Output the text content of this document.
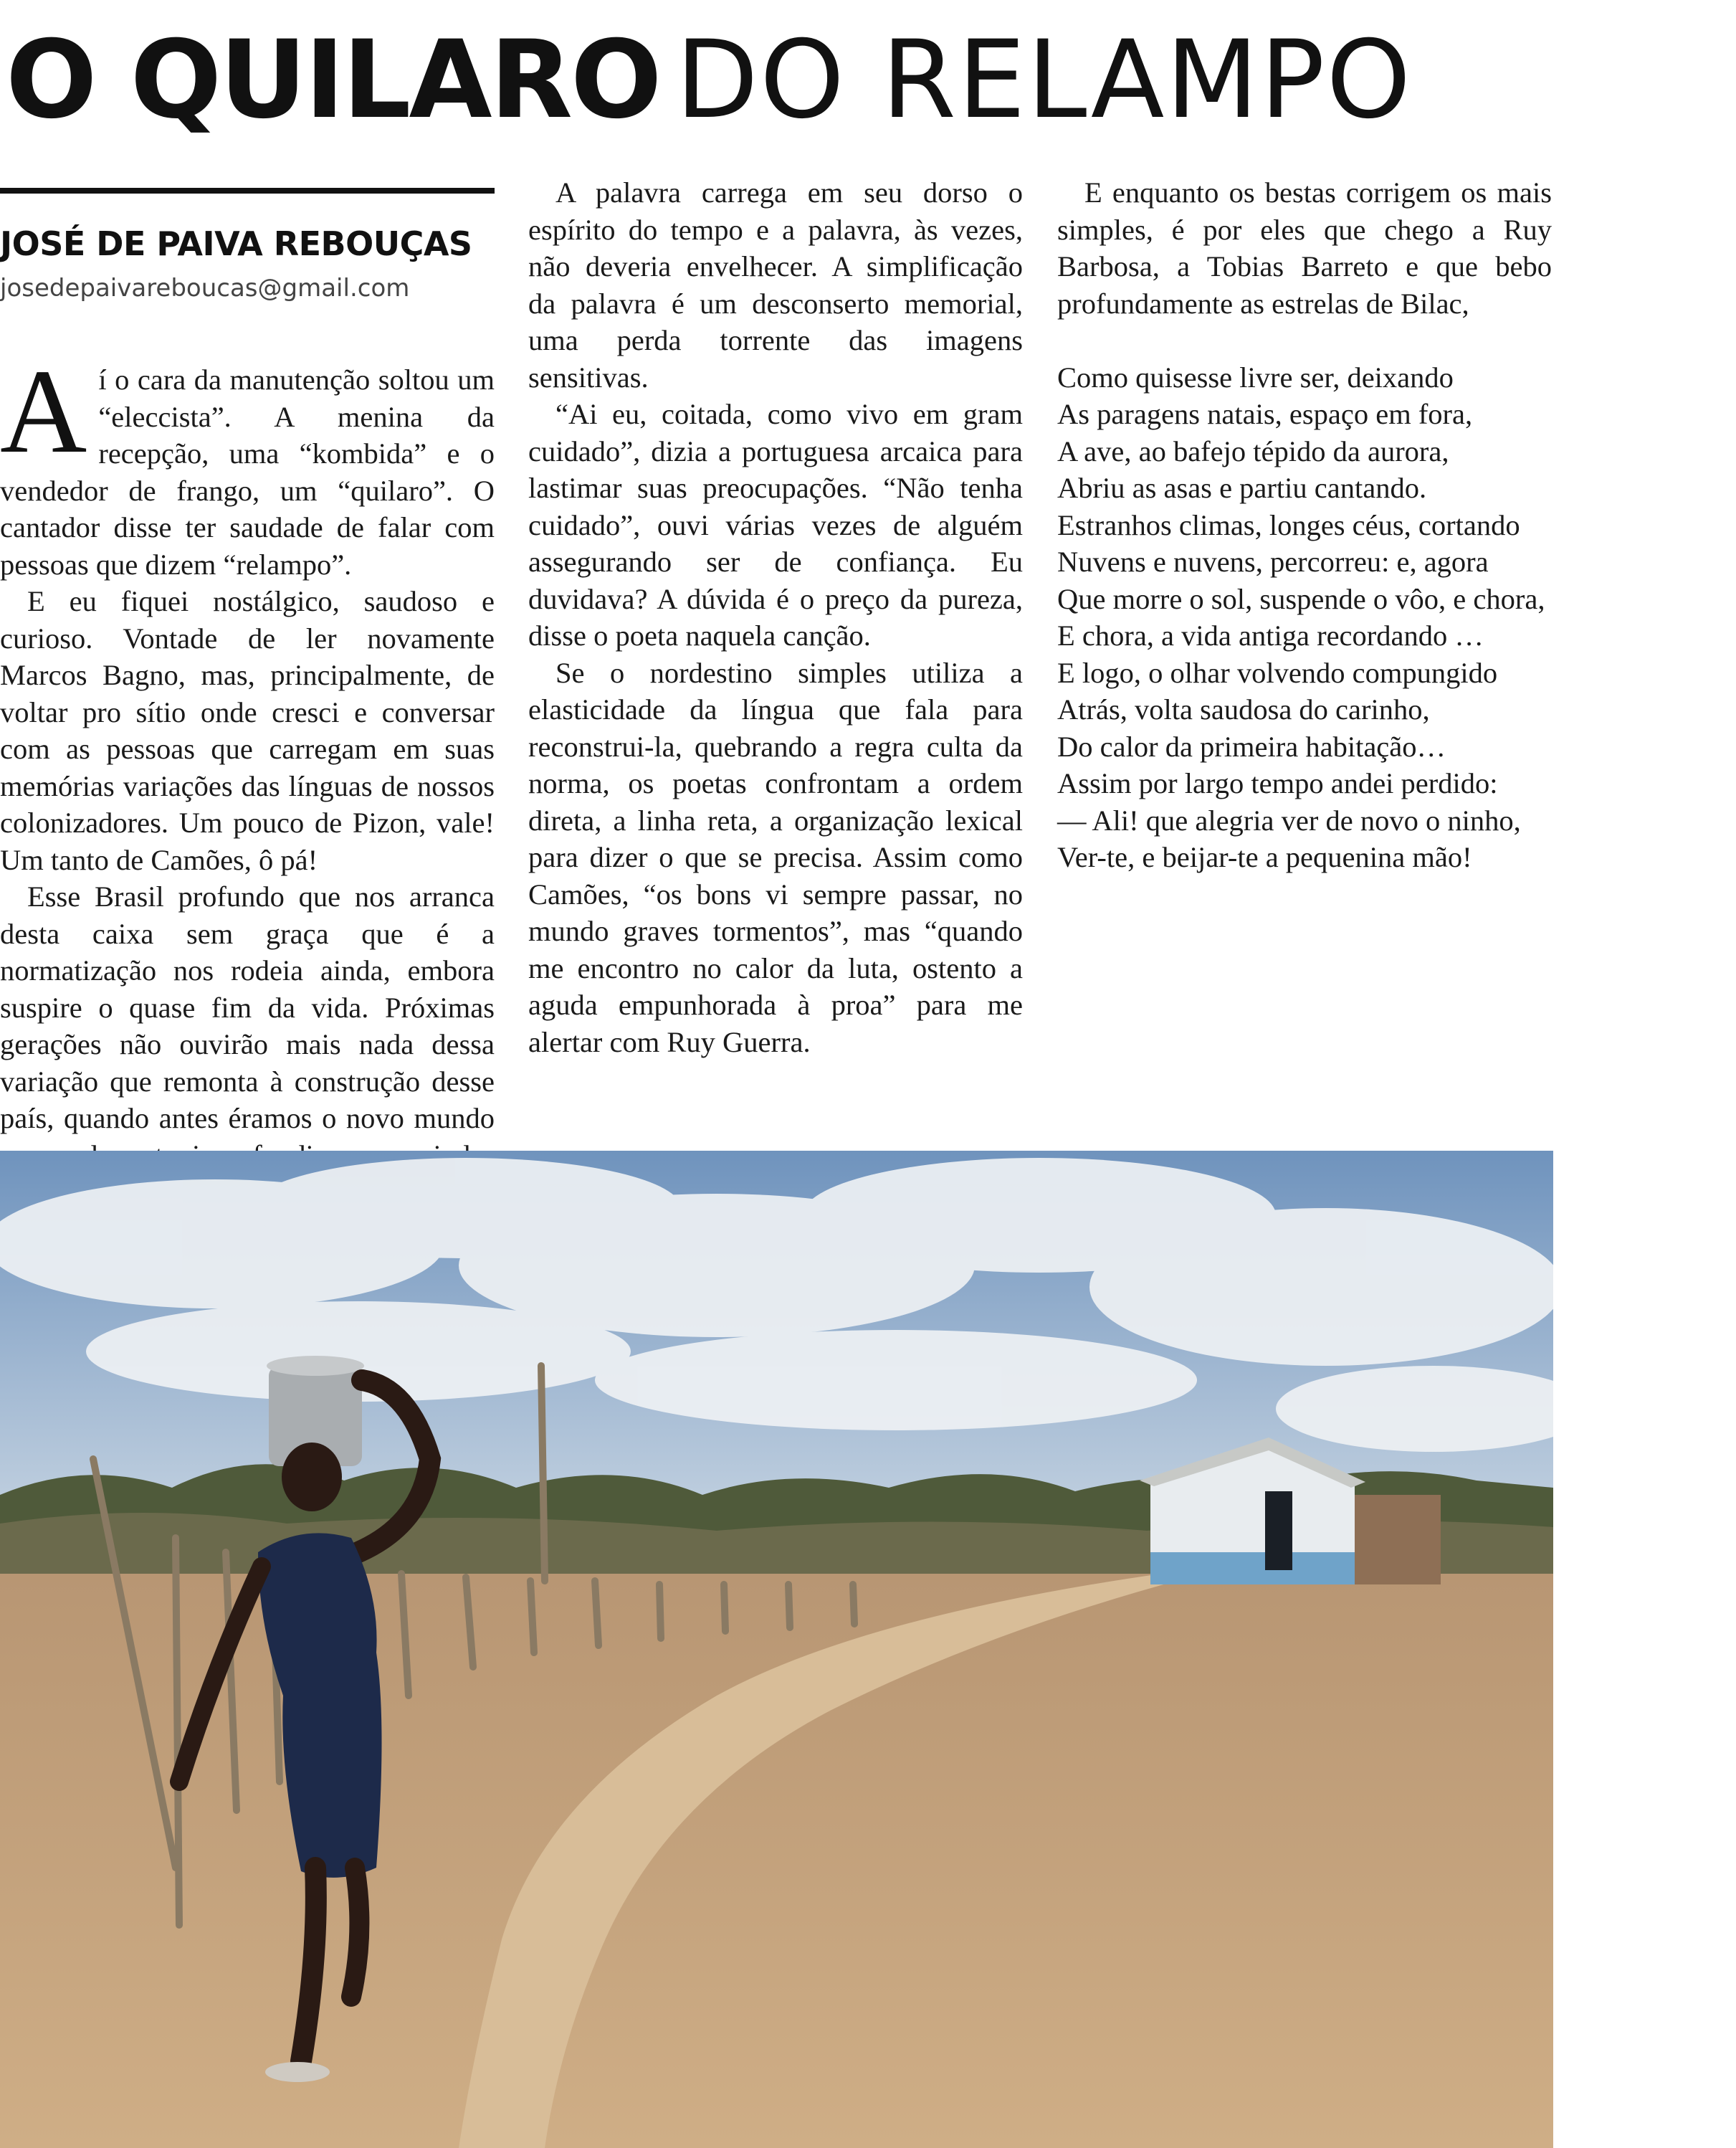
O QUILARO DO RELAMPO
JOSÉ DE PAIVA REBOUÇAS
josedepaivareboucas@gmail.com

Aí o cara da manutenção soltou um “eleccista”. A menina da recepção, uma “kombida” e o vendedor de frango, um “quilaro”. O cantador disse ter saudade de falar com pessoas que dizem “relampo”.

E eu fiquei nostálgico, saudoso e curioso. Vontade de ler novamente Marcos Bagno, mas, principalmente, de voltar pro sítio onde cresci e conversar com as pessoas que carregam em suas memórias variações das línguas de nossos colonizadores. Um pouco de Pizon, vale! Um tanto de Camões, ô pá!

Esse Brasil profundo que nos arranca desta caixa sem graça que é a normatização nos rodeia ainda, embora suspire o quase fim da vida. Próximas gerações não ouvirão mais nada dessa variação que remonta à construção desse país, quando antes éramos o novo mundo

A palavra carrega em seu dorso o espírito do tempo e a palavra, às vezes, não deveria envelhecer. A simplificação da palavra é um desconserto memorial, uma perda torrente das imagens sensitivas.

“Ai eu, coitada, como vivo em gram cuidado”, dizia a portuguesa arcaica para lastimar suas preocupações. “Não tenha cuidado”, ouvi várias vezes de alguém assegurando ser de confiança. Eu duvidava? A dúvida é o preço da pureza, disse o poeta naquela canção.

Se o nordestino simples utiliza a elasticidade da língua que fala para reconstrui-la, quebrando a regra culta da norma, os poetas confrontam a ordem direta, a linha reta, a organização lexical para dizer o que se precisa. Assim como Camões, “os bons vi sempre passar, no mundo graves tormentos”, mas “quando me encontro no calor da luta, ostento a aguda empunhorada à proa” para me alertar com Ruy Guerra.

E enquanto os bestas corrigem os mais simples, é por eles que chego a Ruy Barbosa, a Tobias Barreto e que bebo profundamente as estrelas de Bilac,

Como quisesse livre ser, deixando

As paragens natais, espaço em fora,

A ave, ao bafejo tépido da aurora,

Abriu as asas e partiu cantando.

Estranhos climas, longes céus, cortando

Nuvens e nuvens, percorreu: e, agora

Que morre o sol, suspende o vôo, e chora,

E chora, a vida antiga recordando …

E logo, o olhar volvendo compungido

Atrás, volta saudosa do carinho,

Do calor da primeira habitação…

Assim por largo tempo andei perdido:

— Ali! que alegria ver de novo o ninho,

Ver-te, e beijar-te a pequenina mão!
